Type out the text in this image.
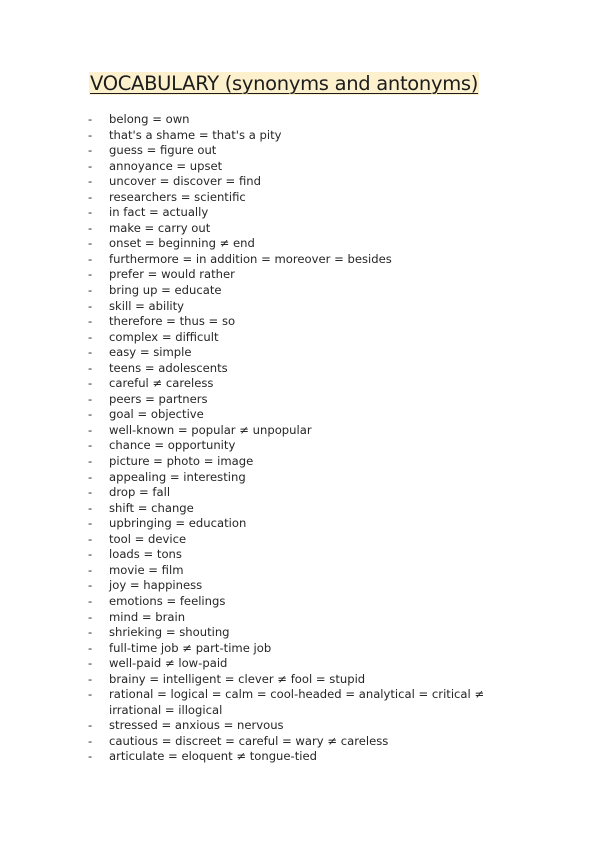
VOCABULARY (synonyms and antonyms)
- belong = own
- that's a shame = that's a pity
- guess = figure out
- annoyance = upset
- uncover = discover = find
- researchers = scientific
- in fact = actually
- make = carry out
- onset = beginning ≠ end
- furthermore = in addition = moreover = besides
- prefer = would rather
- bring up = educate
- skill = ability
- therefore = thus = so
- complex = difficult
- easy = simple
- teens = adolescents
- careful ≠ careless
- peers = partners
- goal = objective
- well-known = popular ≠ unpopular
- chance = opportunity
- picture = photo = image
- appealing = interesting
- drop = fall
- shift = change
- upbringing = education
- tool = device
- loads = tons
- movie = film
- joy = happiness
- emotions = feelings
- mind = brain
- shrieking = shouting
- full-time job ≠ part-time job
- well-paid ≠ low-paid
- brainy = intelligent = clever ≠ fool = stupid
- rational = logical = calm = cool-headed = analytical = critical ≠ irrational = illogical
- stressed = anxious = nervous
- cautious = discreet = careful = wary ≠ careless
- articulate = eloquent ≠ tongue-tied
